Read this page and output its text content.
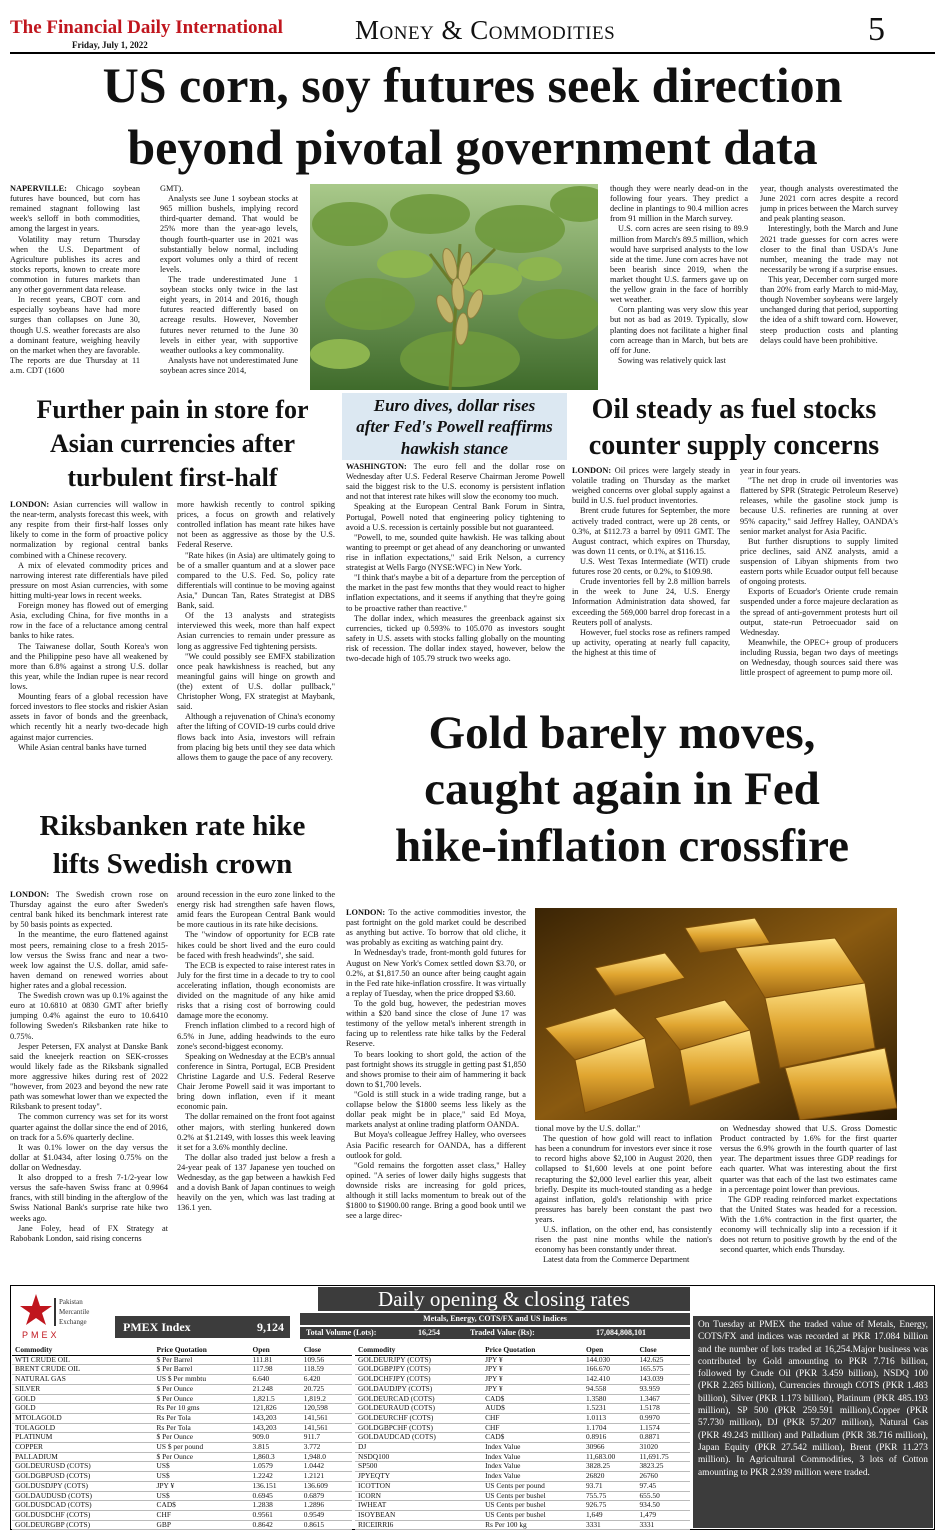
The Financial Daily International
Friday, July 1, 2022	Money & Commodities	5
US corn, soy futures seek direction
beyond pivotal government data

NAPERVILLE: Chicago soybean futures have bounced, but corn has remained stagnant following last week's selloff in both commodities, among the largest in years.

Volatility may return Thursday when the U.S. Department of Agriculture publishes its acres and stocks reports, known to create more commotion in futures markets than any other government data release.

In recent years, CBOT corn and especially soybeans have had more surges than collapses on June 30, though U.S. weather forecasts are also a dominant feature, weighing heavily on the market when they are favorable. The reports are due Thursday at 11 a.m. CDT (1600

GMT).

Analysts see June 1 soybean stocks at 965 million bushels, implying record third-quarter demand. That would be 25% more than the year-ago levels, though fourth-quarter use in 2021 was substantially below normal, including export volumes only a third of recent levels.

The trade underestimated June 1 soybean stocks only twice in the last eight years, in 2014 and 2016, though futures reacted differently based on acreage results. However, November futures never returned to the June 30 levels in either year, with supportive weather outlooks a key commonality.

Analysts have not underestimated June soybean acres since 2014,

though they were nearly dead-on in the following four years. They predict a decline in plantings to 90.4 million acres from 91 million in the March survey.

U.S. corn acres are seen rising to 89.9 million from March's 89.5 million, which would have surprised analysts to the low side at the time. June corn acres have not been bearish since 2019, when the market thought U.S. farmers gave up on the yellow grain in the face of horribly wet weather.

Corn planting was very slow this year but not as bad as 2019. Typically, slow planting does not facilitate a higher final corn acreage than in March, but bets are off for June.

Sowing was relatively quick last

year, though analysts overestimated the June 2021 corn acres despite a record jump in prices between the March survey and peak planting season.

Interestingly, both the March and June 2021 trade guesses for corn acres were closer to the final than USDA's June number, meaning the trade may not necessarily be wrong if a surprise ensues.

This year, December corn surged more than 20% from early March to mid-May, though November soybeans were largely unchanged during that period, supporting the idea of a shift toward corn. However, steep production costs and planting delays could have been prohibitive.

Further pain in store for
Asian currencies after
turbulent first-half

LONDON: Asian currencies will wallow in the near-term, analysts forecast this week, with any respite from their first-half losses only likely to come in the form of proactive policy normalization by regional central banks combined with a Chinese recovery.

A mix of elevated commodity prices and narrowing interest rate differentials have piled pressure on most Asian currencies, with some hitting multi-year lows in recent weeks.

Foreign money has flowed out of emerging Asia, excluding China, for five months in a row in the face of a reluctance among central banks to hike rates.

The Taiwanese dollar, South Korea's won and the Philippine peso have all weakened by more than 6.8% against a strong U.S. dollar this year, while the Indian rupee is near record lows.

Mounting fears of a global recession have forced investors to flee stocks and riskier Asian assets in favor of bonds and the greenback, which recently hit a nearly two-decade high against major currencies.

While Asian central banks have turned

more hawkish recently to control spiking prices, a focus on growth and relatively controlled inflation has meant rate hikes have not been as aggressive as those by the U.S. Federal Reserve.

"Rate hikes (in Asia) are ultimately going to be of a smaller quantum and at a slower pace compared to the U.S. Fed. So, policy rate differentials will continue to be moving against Asia," Duncan Tan, Rates Strategist at DBS Bank, said.

Of the 13 analysts and strategists interviewed this week, more than half expect Asian currencies to remain under pressure as long as aggressive Fed tightening persists.

"We could possibly see EMFX stabilization once peak hawkishness is reached, but any meaningful gains will hinge on growth and (the) extent of U.S. dollar pullback," Christopher Wong, FX strategist at Maybank, said.

Although a rejuvenation of China's economy after the lifting of COVID-19 curbs could drive flows back into Asia, investors will refrain from placing big bets until they see data which allows them to gauge the pace of any recovery.

Euro dives, dollar rises
after Fed's Powell reaffirms
hawkish stance

WASHINGTON: The euro fell and the dollar rose on Wednesday after U.S. Federal Reserve Chairman Jerome Powell said the biggest risk to the U.S. economy is persistent inflation and not that interest rate hikes will slow the economy too much.

Speaking at the European Central Bank Forum in Sintra, Portugal, Powell noted that engineering policy tightening to avoid a U.S. recession is certainly possible but not guaranteed.

"Powell, to me, sounded quite hawkish. He was talking about wanting to preempt or get ahead of any deanchoring or unwanted rise in inflation expectations," said Erik Nelson, a currency strategist at Wells Fargo (NYSE:WFC) in New York.

"I think that's maybe a bit of a departure from the perception of the market in the past few months that they would react to higher inflation expectations, and it seems if anything that they're going to be proactive rather than reactive."

The dollar index, which measures the greenback against six currencies, ticked up 0.593% to 105.070 as investors sought safety in U.S. assets with stocks falling globally on the mounting risk of recession. The dollar index stayed, however, below the two-decade high of 105.79 struck two weeks ago.

Oil steady as fuel stocks
counter supply concerns

LONDON: Oil prices were largely steady in volatile trading on Thursday as the market weighed concerns over global supply against a build in U.S. fuel product inventories.

Brent crude futures for September, the more actively traded contract, were up 28 cents, or 0.3%, at $112.73 a barrel by 0911 GMT. The August contract, which expires on Thursday, was down 11 cents, or 0.1%, at $116.15.

U.S. West Texas Intermediate (WTI) crude futures rose 20 cents, or 0.2%, to $109.98.

Crude inventories fell by 2.8 million barrels in the week to June 24, U.S. Energy Information Administration data showed, far exceeding the 569,000 barrel drop forecast in a Reuters poll of analysts.

However, fuel stocks rose as refiners ramped up activity, operating at nearly full capacity, the highest at this time of

year in four years.

"The net drop in crude oil inventories was flattered by SPR (Strategic Petroleum Reserve) releases, while the gasoline stock jump is because U.S. refineries are running at over 95% capacity," said Jeffrey Halley, OANDA's senior market analyst for Asia Pacific.

But further disruptions to supply limited price declines, said ANZ analysts, amid a suspension of Libyan shipments from two eastern ports while Ecuador output fell because of ongoing protests.

Exports of Ecuador's Oriente crude remain suspended under a force majeure declaration as the spread of anti-government protests hurt oil output, state-run Petroecuador said on Wednesday.

Meanwhile, the OPEC+ group of producers including Russia, began two days of meetings on Wednesday, though sources said there was little prospect of agreement to pump more oil.

Riksbanken rate hike
lifts Swedish crown

LONDON: The Swedish crown rose on Thursday against the euro after Sweden's central bank hiked its benchmark interest rate by 50 basis points as expected.

In the meantime, the euro flattened against most peers, remaining close to a fresh 2015-low versus the Swiss franc and near a two-week low against the U.S. dollar, amid safe-haven demand on renewed worries about higher rates and a global recession.

The Swedish crown was up 0.1% against the euro at 10.6810 at 0830 GMT after briefly jumping 0.4% against the euro to 10.6410 following Sweden's Riksbanken rate hike to 0.75%.

Jesper Petersen, FX analyst at Danske Bank said the kneejerk reaction on SEK-crosses would likely fade as the Riksbank signalled more aggressive hikes during rest of 2022 "however, from 2023 and beyond the new rate path was somewhat lower than we expected the Riksbank to present today".

The common currency was set for its worst quarter against the dollar since the end of 2016, on track for a 5.6% quarterly decline.

It was 0.1% lower on the day versus the dollar at $1.0434, after losing 0.75% on the dollar on Wednesday.

It also dropped to a fresh 7-1/2-year low versus the safe-haven Swiss franc at 0.9964 francs, with still binding in the afterglow of the Swiss National Bank's surprise rate hike two weeks ago.

Jane Foley, head of FX Strategy at Rabobank London, said rising concerns

around recession in the euro zone linked to the energy risk had strengthen safe haven flows, amid fears the European Central Bank would be more cautious in its rate hike decisions.

The "window of opportunity for ECB rate hikes could be short lived and the euro could be faced with fresh headwinds", she said.

The ECB is expected to raise interest rates in July for the first time in a decade to try to cool accelerating inflation, though economists are divided on the magnitude of any hike amid risks that a rising cost of borrowing could damage more the economy.

French inflation climbed to a record high of 6.5% in June, adding headwinds to the euro zone's second-biggest economy.

Speaking on Wednesday at the ECB's annual conference in Sintra, Portugal, ECB President Christine Lagarde and U.S. Federal Reserve Chair Jerome Powell said it was important to bring down inflation, even if it meant economic pain.

The dollar remained on the front foot against other majors, with sterling hunkered down 0.2% at $1.2149, with losses this week leaving it set for a 3.6% monthly decline.

The dollar also traded just below a fresh a 24-year peak of 137 Japanese yen touched on Wednesday, as the gap between a hawkish Fed and a dovish Bank of Japan continues to weigh heavily on the yen, which was last trading at 136.1 yen.

Gold barely moves,
caught again in Fed
hike-inflation crossfire

LONDON: To the active commodities investor, the past fortnight on the gold market could be described as anything but active. To borrow that old cliche, it was probably as exciting as watching paint dry.

In Wednesday's trade, front-month gold futures for August on New York's Comex settled down $3.70, or 0.2%, at $1,817.50 an ounce after being caught again in the Fed rate hike-inflation crossfire. It was virtually a replay of Tuesday, when the price dropped $3.60.

To the gold bug, however, the pedestrian moves within a $20 band since the close of June 17 was testimony of the yellow metal's inherent strength in facing up to relentless rate hike talks by the Federal Reserve.

To bears looking to short gold, the action of the past fortnight shows its struggle in getting past $1,850 and shows promise to their aim of hammering it back down to $1,700 levels.

"Gold is still stuck in a wide trading range, but a collapse below the $1800 seems less likely as the dollar peak might be in place," said Ed Moya, markets analyst at online trading platform OANDA.

But Moya's colleague Jeffrey Halley, who oversees Asia Pacific research for OANDA, has a different outlook for gold.

"Gold remains the forgotten asset class," Halley opined. "A series of lower daily highs suggests that downside risks are increasing for gold prices, although it still lacks momentum to break out of the $1800 to $1900.00 range. Bring a good book until we see a large direc-

tional move by the U.S. dollar."

The question of how gold will react to inflation has been a conundrum for investors ever since it rose to record highs above $2,100 in August 2020, then collapsed to $1,600 levels at one point before recapturing the $2,000 level earlier this year, albeit briefly. Despite its much-touted standing as a hedge against inflation, gold's relationship with price pressures has barely been constant the past two years.

U.S. inflation, on the other end, has consistently risen the past nine months while the nation's economy has been constantly under threat.

Latest data from the Commerce Department

on Wednesday showed that U.S. Gross Domestic Product contracted by 1.6% for the first quarter versus the 6.9% growth in the fourth quarter of last year. The department issues three GDP readings for each quarter. What was interesting about the first quarter was that each of the last two estimates came in a percentage point lower than previous.

The GDP reading reinforced market expectations that the United States was headed for a recession. With the 1.6% contraction in the first quarter, the economy will technically slip into a recession if it does not return to positive growth by the end of the second quarter, which ends Thursday.

Pakistan
Mercantile
Exchange
PMEX
Daily opening & closing rates
PMEX Index	9,124
Metals, Energy, COTS/FX and US Indices
Total Volume (Lots):	16,254	Traded Value (Rs):	17,084,808,101
Commodity	Price Quotation	Open	Close
WTI CRUDE OIL	$ Per Barrel	111.81	109.56
BRENT CRUDE OIL	$ Per Barrel	117.98	118.59
NATURAL GAS	US $ Per mmbtu	6.640	6.420
SILVER	$ Per Ounce	21.248	20.725
GOLD	$ Per Ounce	1,821.5	1,819.2
GOLD	Rs Per 10 gms	121,826	120,598
MTOLAGOLD	Rs Per Tola	143,203	141,561
TOLAGOLD	Rs Per Tola	143,203	141,561
PLATINUM	$ Per Ounce	909.0	911.7
COPPER	US $ per pound	3.815	3.772
PALLADIUM	$ Per Ounce	1,860.3	1,948.0
GOLDEURUSD (COTS)	US$	1.0579	1.0442
GOLDGBPUSD (COTS)	US$	1.2242	1.2121
GOLDUSDJPY (COTS)	JPY ¥	136.151	136.609
GOLDAUDUSD (COTS)	US$	0.6945	0.6879
GOLDUSDCAD (COTS)	CAD$	1.2838	1.2896
GOLDUSDCHF (COTS)	CHF	0.9561	0.9549
GOLDEURGBP (COTS)	GBP	0.8642	0.8615
Commodity	Price Quotation	Open	Close
GOLDEURJPY (COTS)	JPY ¥	144.030	142.625
GOLDGBPJPY (COTS)	JPY ¥	166.670	165.575
GOLDCHFJPY (COTS)	JPY ¥	142.410	143.039
GOLDAUDJPY (COTS)	JPY ¥	94.558	93.959
GOLDEURCAD (COTS)	CAD$	1.3580	1.3467
GOLDEURAUD (COTS)	AUD$	1.5231	1.5178
GOLDEURCHF (COTS)	CHF	1.0113	0.9970
GOLDGBPCHF (COTS)	CHF	1.1704	1.1574
GOLDAUDCAD (COTS)	CAD$	0.8916	0.8871
DJ	Index Value	30966	31020
NSDQ100	Index Value	11,683.00	11,691.75
SP500	Index Value	3828.25	3823.25
JPYEQTY	Index Value	26820	26760
ICOTTON	US Cents per pound	93.71	97.45
ICORN	US Cents per bushel	755.75	655.50
IWHEAT	US Cents per bushel	926.75	934.50
ISOYBEAN	US Cents per bushel	1,649	1,479
RICEIRRI6	Rs Per 100 kg	3331	3331
On Tuesday at PMEX the traded value of Metals, Energy, COTS/FX and indices was recorded at PKR 17.084 billion and the number of lots traded at 16,254.Major business was contributed by Gold amounting to PKR 7.716 billion, followed by Crude Oil (PKR 3.459 billion), NSDQ 100 (PKR 2.265 billion), Currencies through COTS (PKR 1.483 billion), Silver (PKR 1.173 billion), Platinum (PKR 485.193 million), SP 500 (PKR 259.591 million),Copper (PKR 57.730 million), DJ (PKR 57.207 million), Natural Gas (PKR 49.243 million) and Palladium (PKR 38.716 million), Japan Equity (PKR 27.542 million), Brent (PKR 11.273 million). In Agricultural Commodities, 3 lots of Cotton amounting to PKR 2.939 million were traded.
